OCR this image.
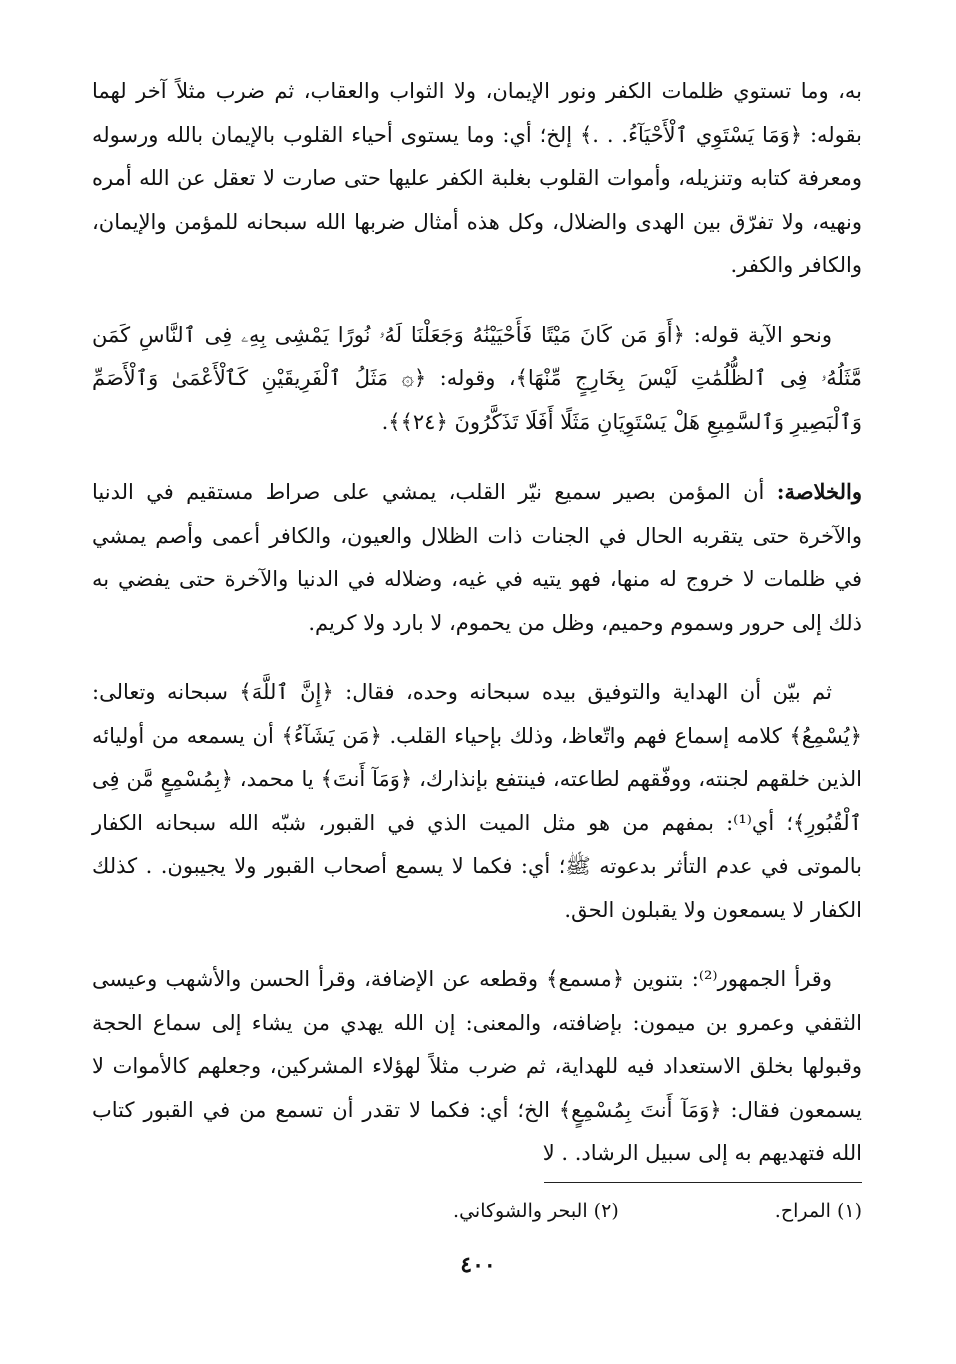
به، وما تستوي ظلمات الكفر ونور الإيمان، ولا الثواب والعقاب، ثم ضرب مثلاً آخر لهما بقوله: ﴿وَمَا يَسْتَوِي ٱلْأَحْيَآءُ. . .﴾ إلخ؛ أي: وما يستوى أحياء القلوب بالإيمان بالله ورسوله ومعرفة كتابه وتنزيله، وأموات القلوب بغلبة الكفر عليها حتى صارت لا تعقل عن الله أمره ونهيه، ولا تفرّق بين الهدى والضلال، وكل هذه أمثال ضربها الله سبحانه للمؤمن والإيمان، والكافر والكفر.

ونحو الآية قوله: ﴿أَوَ مَن كَانَ مَيْتًا فَأَحْيَيْنَٰهُ وَجَعَلْنَا لَهُۥ نُورًا يَمْشِى بِهِۦ فِى ٱلنَّاسِ كَمَن مَّثَلُهُۥ فِى ٱلظُّلُمَٰتِ لَيْسَ بِخَارِجٍ مِّنْهَا﴾، وقوله: ﴿۞ مَثَلُ ٱلْفَرِيقَيْنِ كَٱلْأَعْمَىٰ وَٱلْأَصَمِّ وَٱلْبَصِيرِ وَٱلسَّمِيعِ هَلْ يَسْتَوِيَانِ مَثَلًا أَفَلَا تَذَكَّرُونَ ﴿٢٤﴾﴾.

والخلاصة: أن المؤمن بصير سميع نيّر القلب، يمشي على صراط مستقيم في الدنيا والآخرة حتى يتقربه الحال في الجنات ذات الظلال والعيون، والكافر أعمى وأصم يمشي في ظلمات لا خروج له منها، فهو يتيه في غيه، وضلاله في الدنيا والآخرة حتى يفضي به ذلك إلى حرور وسموم وحميم، وظل من يحموم، لا بارد ولا كريم.

ثم بيّن أن الهداية والتوفيق بيده سبحانه وحده، فقال: ﴿إِنَّ ٱللَّهَ﴾ سبحانه وتعالى: ﴿يُسْمِعُ﴾ كلامه إسماع فهم واتّعاظ، وذلك بإحياء القلب. ﴿مَن يَشَآءُ﴾ أن يسمعه من أوليائه الذين خلقهم لجنته، ووفّقهم لطاعته، فينتفع بإنذارك، ﴿وَمَآ أَنتَ﴾ يا محمد، ﴿بِمُسْمِعٍ مَّن فِى ٱلْقُبُورِ﴾؛ أي⁽¹⁾: بمفهم من هو مثل الميت الذي في القبور، شبّه الله سبحانه الكفار بالموتى في عدم التأثر بدعوته ﷺ؛ أي: فكما لا يسمع أصحاب القبور ولا يجيبون. . كذلك الكفار لا يسمعون ولا يقبلون الحق.

وقرأ الجمهور⁽²⁾: بتنوين ﴿مسمع﴾ وقطعه عن الإضافة، وقرأ الحسن والأشهب وعيسى الثقفي وعمرو بن ميمون: بإضافته، والمعنى: إن الله يهدي من يشاء إلى سماع الحجة وقبولها بخلق الاستعداد فيه للهداية، ثم ضرب مثلاً لهؤلاء المشركين، وجعلهم كالأموات لا يسمعون فقال: ﴿وَمَآ أَنتَ بِمُسْمِعٍ﴾ الخ؛ أي: فكما لا تقدر أن تسمع من في القبور كتاب الله فتهديهم به إلى سبيل الرشاد. . لا

(١) المراح. (٢) البحر والشوكاني.
٤٠٠
